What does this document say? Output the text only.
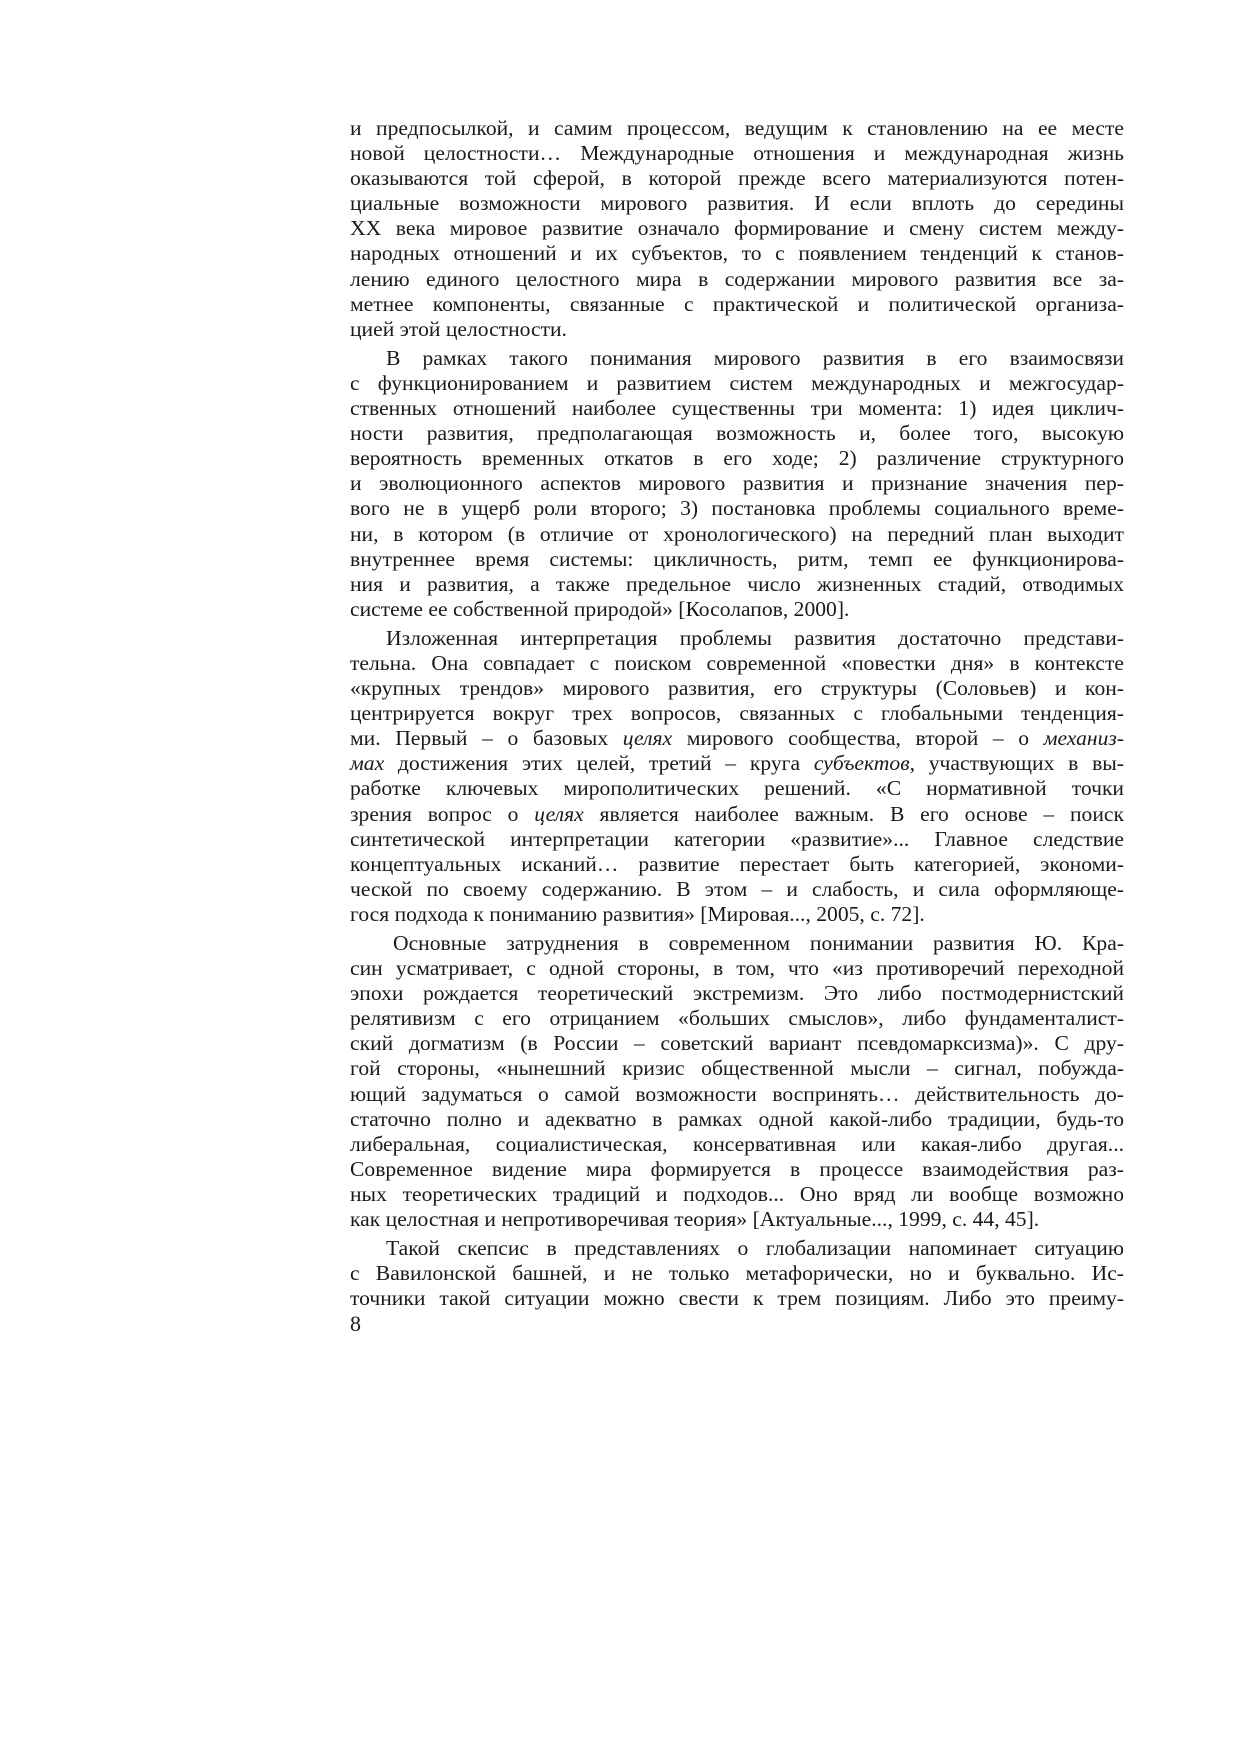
и предпосылкой, и самим процессом, ведущим к становлению на ее месте
новой целостности… Международные отношения и международная жизнь
оказываются той сферой, в которой прежде всего материализуются потен-
циальные возможности мирового развития. И если вплоть до середины
XX века мировое развитие означало формирование и смену систем между-
народных отношений и их субъектов, то с появлением тенденций к станов-
лению единого целостного мира в содержании мирового развития все за-
метнее компоненты, связанные с практической и политической организа-
цией этой целостности.
В рамках такого понимания мирового развития в его взаимосвязи
с функционированием и развитием систем международных и межгосудар-
ственных отношений наиболее существенны три момента: 1) идея циклич-
ности развития, предполагающая возможность и, более того, высокую
вероятность временных откатов в его ходе; 2) различение структурного
и эволюционного аспектов мирового развития и признание значения пер-
вого не в ущерб роли второго; 3) постановка проблемы социального време-
ни, в котором (в отличие от хронологического) на передний план выходит
внутреннее время системы: цикличность, ритм, темп ее функционирова-
ния и развития, а также предельное число жизненных стадий, отводимых
системе ее собственной природой» [Косолапов, 2000].
Изложенная интерпретация проблемы развития достаточно представи-
тельна. Она совпадает с поиском современной «повестки дня» в контексте
«крупных трендов» мирового развития, его структуры (Соловьев) и кон-
центрируется вокруг трех вопросов, связанных с глобальными тенденция-
ми. Первый – о базовых целях мирового сообщества, второй – о механиз-
мах достижения этих целей, третий – круга субъектов, участвующих в вы-
работке ключевых миpополитических решений. «С нормативной точки
зрения вопрос о целях является наиболее важным. В его основе – поиск
синтетической интерпретации категории «развитие»... Главное следствие
концептуальных исканий… развитие перестает быть категорией, экономи-
ческой по своему содержанию. В этом – и слабость, и сила оформляюще-
гося подхода к пониманию развития» [Мировая..., 2005, с. 72].
Основные затруднения в современном понимании развития Ю. Кра-
син усматривает, с одной стороны, в том, что «из противоречий переходной
эпохи рождается теоретический экстремизм. Это либо постмодернистский
релятивизм с его отрицанием «больших смыслов», либо фундаменталист-
ский догматизм (в России – советский вариант псевдомарксизма)». С дру-
гой стороны, «нынешний кризис общественной мысли – сигнал, побужда-
ющий задуматься о самой возможности воспринять… действительность до-
статочно полно и адекватно в рамках одной какой-либо традиции, будь-то
либеральная, социалистическая, консервативная или какая-либо другая...
Современное видение мира формируется в процессе взаимодействия раз-
ных теоретических традиций и подходов... Оно вряд ли вообще возможно
как целостная и непротиворечивая теория» [Актуальные..., 1999, с. 44, 45].
Такой скепсис в представлениях о глобализации напоминает ситуацию
с Вавилонской башней, и не только метафорически, но и буквально. Ис-
точники такой ситуации можно свести к трем позициям. Либо это преиму-
8
